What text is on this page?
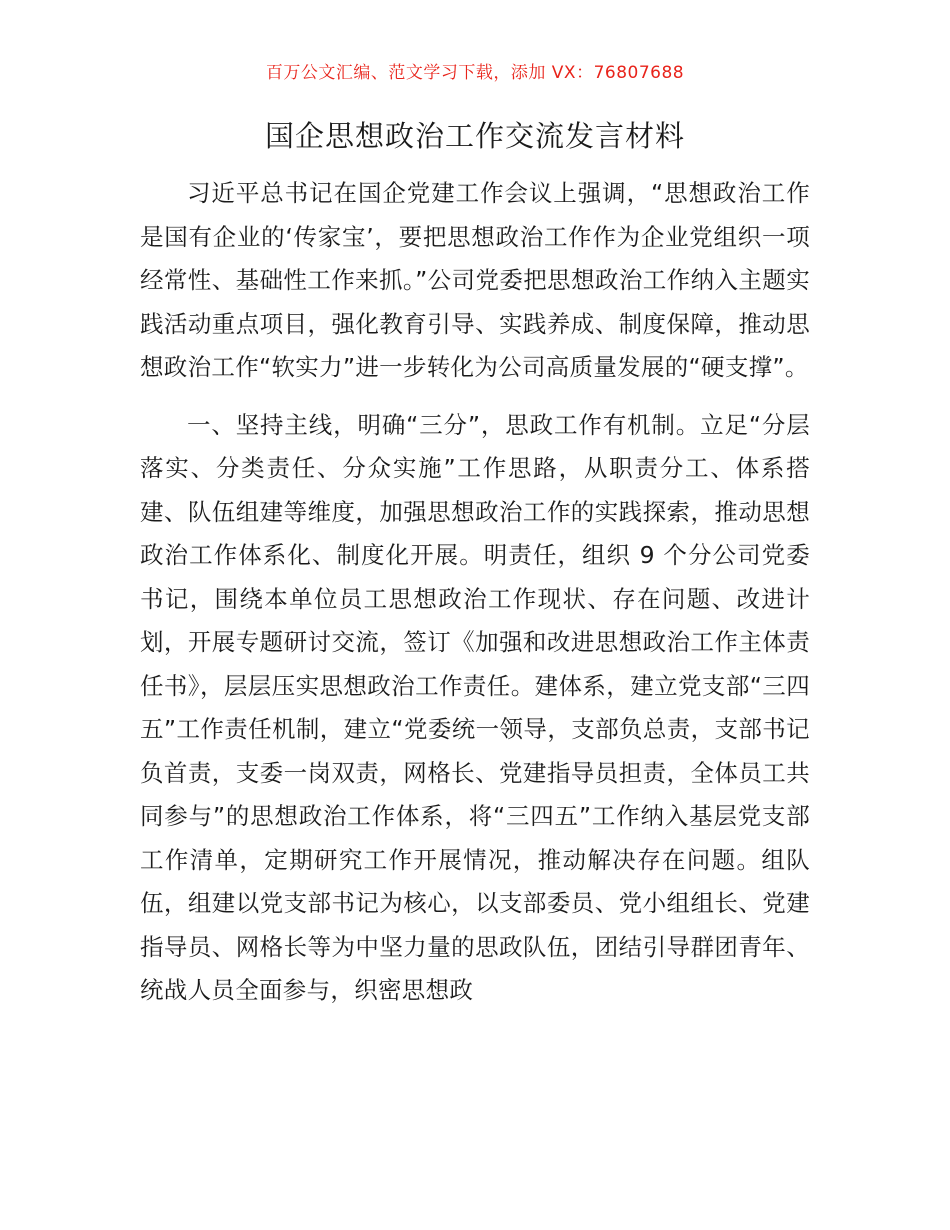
百万公文汇编、范文学习下载，添加 VX：76807688
国企思想政治工作交流发言材料

习近平总书记在国企党建工作会议上强调，“思想政治工作是国有企业的‘传家宝’，要把思想政治工作作为企业党组织一项经常性、基础性工作来抓。”公司党委把思想政治工作纳入主题实践活动重点项目，强化教育引导、实践养成、制度保障，推动思想政治工作“软实力”进一步转化为公司高质量发展的“硬支撑”。

一、坚持主线，明确“三分”，思政工作有机制。立足“分层落实、分类责任、分众实施”工作思路，从职责分工、体系搭建、队伍组建等维度，加强思想政治工作的实践探索，推动思想政治工作体系化、制度化开展。明责任，组织 9 个分公司党委书记，围绕本单位员工思想政治工作现状、存在问题、改进计划，开展专题研讨交流，签订《加强和改进思想政治工作主体责任书》，层层压实思想政治工作责任。建体系，建立党支部“三四五”工作责任机制，建立“党委统一领导，支部负总责，支部书记负首责，支委一岗双责，网格长、党建指导员担责，全体员工共同参与”的思想政治工作体系，将“三四五”工作纳入基层党支部工作清单，定期研究工作开展情况，推动解决存在问题。组队伍，组建以党支部书记为核心，以支部委员、党小组组长、党建指导员、网格长等为中坚力量的思政队伍，团结引导群团青年、统战人员全面参与，织密思想政
